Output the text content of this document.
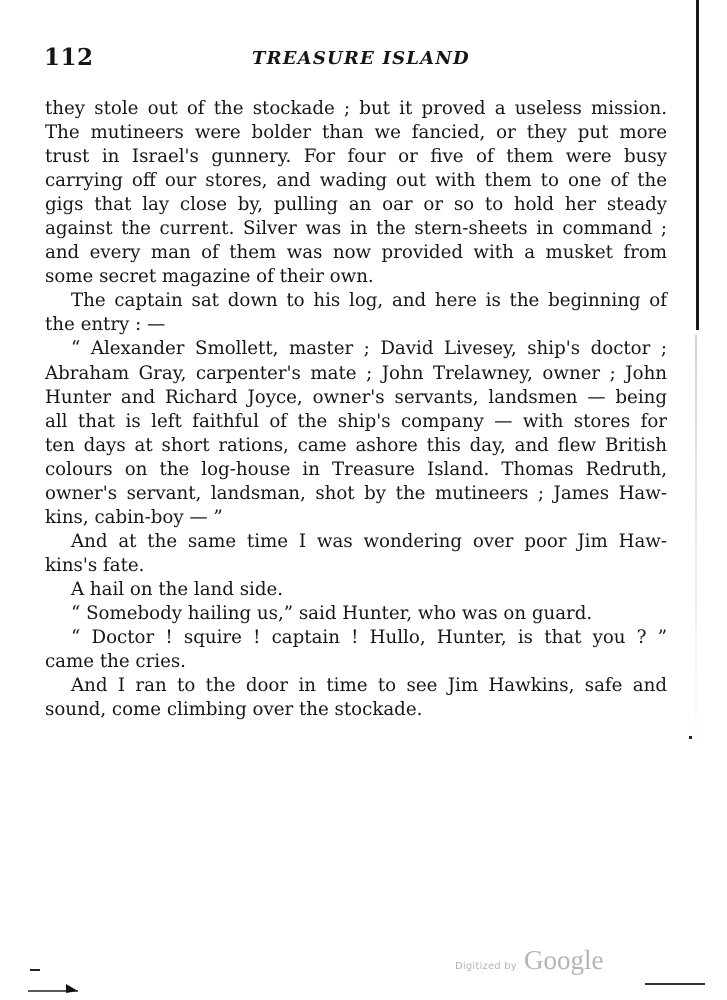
112	TREASURE ISLAND
they stole out of the stockade ; but it proved a useless mission.
The mutineers were bolder than we fancied, or they put more
trust in Israel's gunnery. For four or five of them were busy
carrying off our stores, and wading out with them to one of the
gigs that lay close by, pulling an oar or so to hold her steady
against the current. Silver was in the stern-sheets in command ;
and every man of them was now provided with a musket from
some secret magazine of their own.
The captain sat down to his log, and here is the beginning of
the entry : —
“ Alexander Smollett, master ; David Livesey, ship's doctor ;
Abraham Gray, carpenter's mate ; John Trelawney, owner ; John
Hunter and Richard Joyce, owner's servants, landsmen — being
all that is left faithful of the ship's company — with stores for
ten days at short rations, came ashore this day, and flew British
colours on the log-house in Treasure Island. Thomas Redruth,
owner's servant, landsman, shot by the mutineers ; James Haw-
kins, cabin-boy — ”
And at the same time I was wondering over poor Jim Haw-
kins's fate.
A hail on the land side.
“ Somebody hailing us,” said Hunter, who was on guard.
“ Doctor ! squire ! captain ! Hullo, Hunter, is that you ? ”
came the cries.
And I ran to the door in time to see Jim Hawkins, safe and
sound, come climbing over the stockade.
Digitized by Google
